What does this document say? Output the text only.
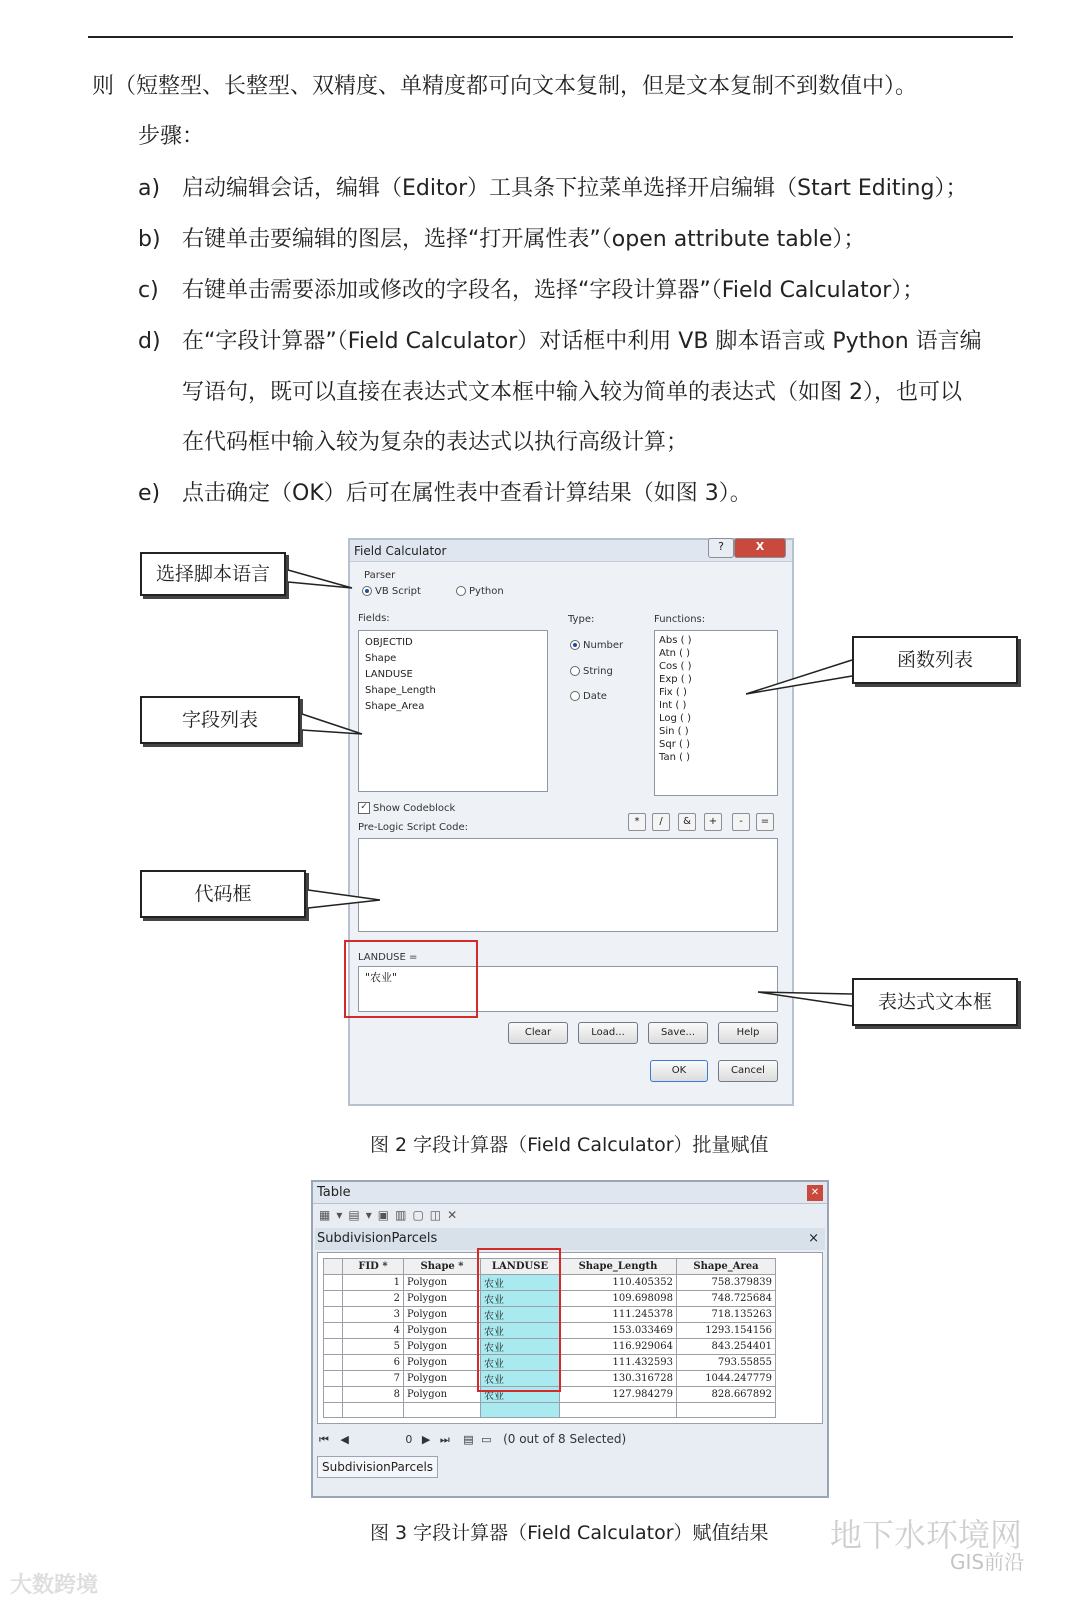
则（短整型、长整型、双精度、单精度都可向文本复制，但是文本复制不到数值中）。
步骤：
a) 启动编辑会话，编辑（Editor）工具条下拉菜单选择开启编辑（Start Editing）；
b) 右键单击要编辑的图层，选择“打开属性表”（open attribute table）；
c) 右键单击需要添加或修改的字段名，选择“字段计算器”（Field Calculator）；
d) 在“字段计算器”（Field Calculator）对话框中利用 VB 脚本语言或 Python 语言编
写语句，既可以直接在表达式文本框中输入较为简单的表达式（如图 2），也可以
在代码框中输入较为复杂的表达式以执行高级计算；
e) 点击确定（OK）后可在属性表中查看计算结果（如图 3）。
Field Calculator	?	X
Parser
VB Script	Python
Fields:
OBJECTID
Shape
LANDUSE
Shape_Length
Shape_Area
Type:
Number
String
Date
Functions:
Abs ( )
Atn ( )
Cos ( )
Exp ( )
Fix ( )
Int ( )
Log ( )
Sin ( )
Sqr ( )
Tan ( )
✓ Show Codeblock
*	/	&	+	-	=
Pre-Logic Script Code:
LANDUSE =
"农业"
Clear	Load...	Save...	Help
OK	Cancel
选择脚本语言
函数列表
字段列表
代码框
表达式文本框
图 2 字段计算器（Field Calculator）批量赋值
Table	✕
▦▾▤▾▣▥▢◫✕
SubdivisionParcels	×
	FID *	Shape *	LANDUSE	Shape_Length	Shape_Area
	1	Polygon	农业	110.405352	758.379839
	2	Polygon	农业	109.698098	748.725684
	3	Polygon	农业	111.245378	718.135263
	4	Polygon	农业	153.033469	1293.154156
	5	Polygon	农业	116.929064	843.254401
	6	Polygon	农业	111.432593	793.55855
	7	Polygon	农业	130.316728	1044.247779
	8	Polygon	农业	127.984279	828.667892

⏮ ◀	0 ▶ ⏭ ▤ ▭ (0 out of 8 Selected)
SubdivisionParcels
图 3 字段计算器（Field Calculator）赋值结果
大数跨境
地下水环境网
GIS前沿
